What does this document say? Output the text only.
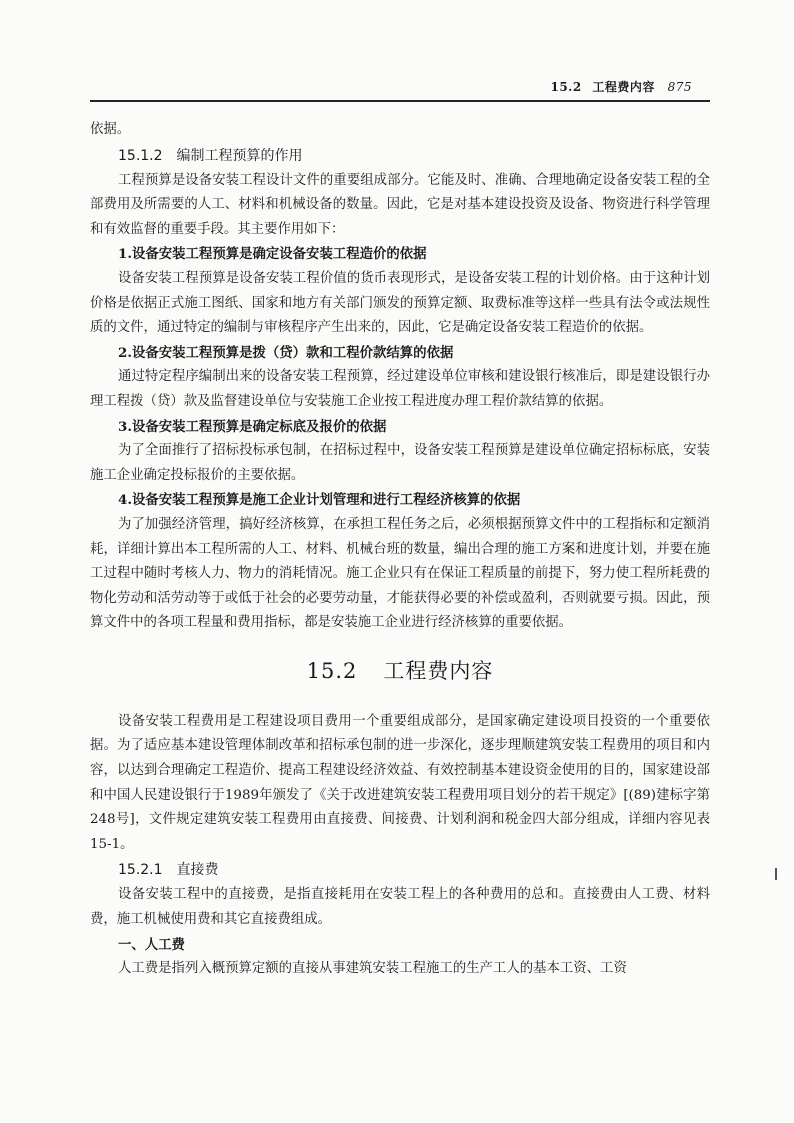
15.2 工程费内容 875

依据。

15.1.2 编制工程预算的作用

工程预算是设备安装工程设计文件的重要组成部分。它能及时、准确、合理地确定设备安装工程的全部费用及所需要的人工、材料和机械设备的数量。因此，它是对基本建设投资及设备、物资进行科学管理和有效监督的重要手段。其主要作用如下：

1.设备安装工程预算是确定设备安装工程造价的依据

设备安装工程预算是设备安装工程价值的货币表现形式，是设备安装工程的计划价格。由于这种计划价格是依据正式施工图纸、国家和地方有关部门颁发的预算定额、取费标准等这样一些具有法令或法规性质的文件，通过特定的编制与审核程序产生出来的，因此，它是确定设备安装工程造价的依据。

2.设备安装工程预算是拨（贷）款和工程价款结算的依据

通过特定程序编制出来的设备安装工程预算，经过建设单位审核和建设银行核准后，即是建设银行办理工程拨（贷）款及监督建设单位与安装施工企业按工程进度办理工程价款结算的依据。

3.设备安装工程预算是确定标底及报价的依据

为了全面推行了招标投标承包制，在招标过程中，设备安装工程预算是建设单位确定招标标底，安装施工企业确定投标报价的主要依据。

4.设备安装工程预算是施工企业计划管理和进行工程经济核算的依据

为了加强经济管理，搞好经济核算，在承担工程任务之后，必须根据预算文件中的工程指标和定额消耗，详细计算出本工程所需的人工、材料、机械台班的数量，编出合理的施工方案和进度计划，并要在施工过程中随时考核人力、物力的消耗情况。施工企业只有在保证工程质量的前提下，努力使工程所耗费的物化劳动和活劳动等于或低于社会的必要劳动量，才能获得必要的补偿或盈利，否则就要亏损。因此，预算文件中的各项工程量和费用指标，都是安装施工企业进行经济核算的重要依据。

15.2 工程费内容

设备安装工程费用是工程建设项目费用一个重要组成部分，是国家确定建设项目投资的一个重要依据。为了适应基本建设管理体制改革和招标承包制的进一步深化，逐步理顺建筑安装工程费用的项目和内容，以达到合理确定工程造价、提高工程建设经济效益、有效控制基本建设资金使用的目的，国家建设部和中国人民建设银行于1989年颁发了《关于改进建筑安装工程费用项目划分的若干规定》[(89)建标字第248号]，文件规定建筑安装工程费用由直接费、间接费、计划利润和税金四大部分组成，详细内容见表15-1。

15.2.1 直接费

设备安装工程中的直接费，是指直接耗用在安装工程上的各种费用的总和。直接费由人工费、材料费，施工机械使用费和其它直接费组成。

一、人工费

人工费是指列入概预算定额的直接从事建筑安装工程施工的生产工人的基本工资、工资
